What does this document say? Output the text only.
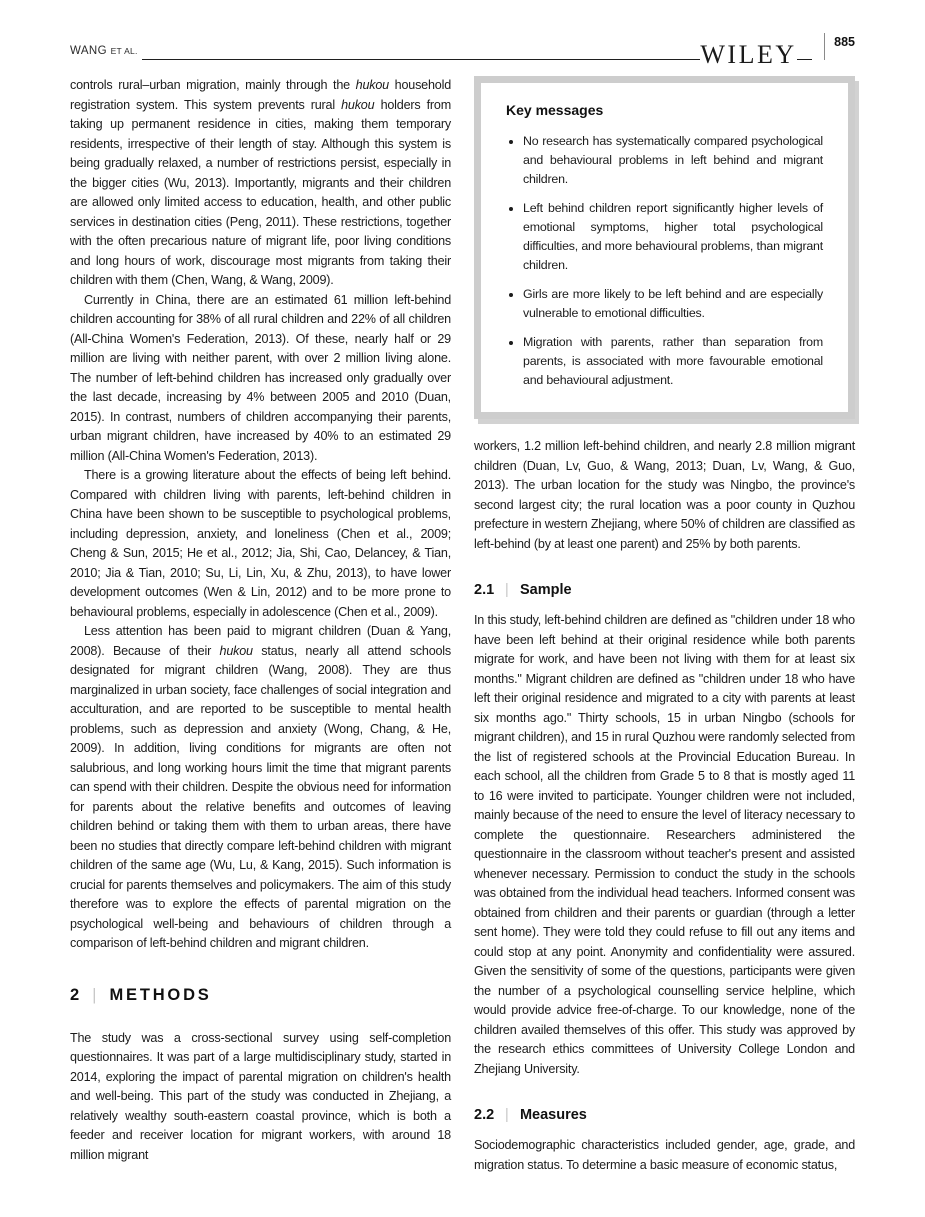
WANG ET AL.	WILEY	885

controls rural–urban migration, mainly through the hukou household registration system. This system prevents rural hukou holders from taking up permanent residence in cities, making them temporary residents, irrespective of their length of stay. Although this system is being gradually relaxed, a number of restrictions persist, especially in the bigger cities (Wu, 2013). Importantly, migrants and their children are allowed only limited access to education, health, and other public services in destination cities (Peng, 2011). These restrictions, together with the often precarious nature of migrant life, poor living conditions and long hours of work, discourage most migrants from taking their children with them (Chen, Wang, & Wang, 2009).

Currently in China, there are an estimated 61 million left-behind children accounting for 38% of all rural children and 22% of all children (All-China Women's Federation, 2013). Of these, nearly half or 29 million are living with neither parent, with over 2 million living alone. The number of left-behind children has increased only gradually over the last decade, increasing by 4% between 2005 and 2010 (Duan, 2015). In contrast, numbers of children accompanying their parents, urban migrant children, have increased by 40% to an estimated 29 million (All-China Women's Federation, 2013).

There is a growing literature about the effects of being left behind. Compared with children living with parents, left-behind children in China have been shown to be susceptible to psychological problems, including depression, anxiety, and loneliness (Chen et al., 2009; Cheng & Sun, 2015; He et al., 2012; Jia, Shi, Cao, Delancey, & Tian, 2010; Jia & Tian, 2010; Su, Li, Lin, Xu, & Zhu, 2013), to have lower development outcomes (Wen & Lin, 2012) and to be more prone to behavioural problems, especially in adolescence (Chen et al., 2009).

Less attention has been paid to migrant children (Duan & Yang, 2008). Because of their hukou status, nearly all attend schools designated for migrant children (Wang, 2008). They are thus marginalized in urban society, face challenges of social integration and acculturation, and are reported to be susceptible to mental health problems, such as depression and anxiety (Wong, Chang, & He, 2009). In addition, living conditions for migrants are often not salubrious, and long working hours limit the time that migrant parents can spend with their children. Despite the obvious need for information for parents about the relative benefits and outcomes of leaving children behind or taking them with them to urban areas, there have been no studies that directly compare left-behind children with migrant children of the same age (Wu, Lu, & Kang, 2015). Such information is crucial for parents themselves and policymakers. The aim of this study therefore was to explore the effects of parental migration on the psychological well-being and behaviours of children through a comparison of left-behind children and migrant children.

2 | METHODS

The study was a cross-sectional survey using self-completion questionnaires. It was part of a large multidisciplinary study, started in 2014, exploring the impact of parental migration on children's health and well-being. This part of the study was conducted in Zhejiang, a relatively wealthy south-eastern coastal province, which is both a feeder and receiver location for migrant workers, with around 18 million migrant

Key messages
• No research has systematically compared psychological and behavioural problems in left behind and migrant children.
• Left behind children report significantly higher levels of emotional symptoms, higher total psychological difficulties, and more behavioural problems, than migrant children.
• Girls are more likely to be left behind and are especially vulnerable to emotional difficulties.
• Migration with parents, rather than separation from parents, is associated with more favourable emotional and behavioural adjustment.

workers, 1.2 million left-behind children, and nearly 2.8 million migrant children (Duan, Lv, Guo, & Wang, 2013; Duan, Lv, Wang, & Guo, 2013). The urban location for the study was Ningbo, the province's second largest city; the rural location was a poor county in Quzhou prefecture in western Zhejiang, where 50% of children are classified as left-behind (by at least one parent) and 25% by both parents.

2.1 | Sample

In this study, left-behind children are defined as "children under 18 who have been left behind at their original residence while both parents migrate for work, and have been not living with them for at least six months." Migrant children are defined as "children under 18 who have left their original residence and migrated to a city with parents at least six months ago." Thirty schools, 15 in urban Ningbo (schools for migrant children), and 15 in rural Quzhou were randomly selected from the list of registered schools at the Provincial Education Bureau. In each school, all the children from Grade 5 to 8 that is mostly aged 11 to 16 were invited to participate. Younger children were not included, mainly because of the need to ensure the level of literacy necessary to complete the questionnaire. Researchers administered the questionnaire in the classroom without teacher's present and assisted whenever necessary. Permission to conduct the study in the schools was obtained from the individual head teachers. Informed consent was obtained from children and their parents or guardian (through a letter sent home). They were told they could refuse to fill out any items and could stop at any point. Anonymity and confidentiality were assured. Given the sensitivity of some of the questions, participants were given the number of a psychological counselling service helpline, which would provide advice free-of-charge. To our knowledge, none of the children availed themselves of this offer. This study was approved by the research ethics committees of University College London and Zhejiang University.

2.2 | Measures

Sociodemographic characteristics included gender, age, grade, and migration status. To determine a basic measure of economic status,
